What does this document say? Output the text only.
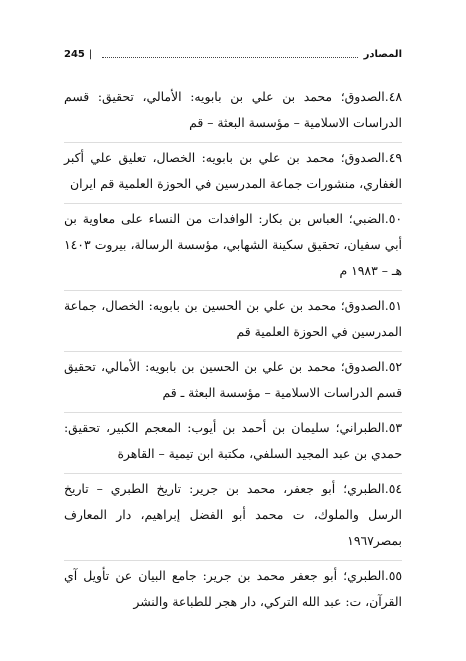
المصادر
|
245
٤٨.الصدوق؛ محمد بن علي بن بابويه: الأمالي، تحقيق: قسم الدراسات الاسلامية – مؤسسة البعثة – قم
٤٩.الصدوق؛ محمد بن علي بن بابويه: الخصال، تعليق علي أكبر الغفاري، منشورات جماعة المدرسين في الحوزة العلمية قم ايران
٥٠.الضبي؛ العباس بن بكار: الوافدات من النساء على معاوية بن أبي سفيان، تحقيق سكينة الشهابي، مؤسسة الرسالة، بيروت ١٤٠٣ هـ – ١٩٨٣ م
٥١.الصدوق؛ محمد بن علي بن الحسين بن بابويه: الخصال، جماعة المدرسين في الحوزة العلمية قم
٥٢.الصدوق؛ محمد بن علي بن الحسين بن بابويه: الأمالي، تحقيق قسم الدراسات الاسلامية – مؤسسة البعثة ـ قم
٥٣.الطبراني؛ سليمان بن أحمد بن أيوب: المعجم الكبير، تحقيق: حمدي بن عبد المجيد السلفي، مكتبة ابن تيمية – القاهرة
٥٤.الطبري؛ أبو جعفر، محمد بن جرير: تاريخ الطبري – تاريخ الرسل والملوك، ت محمد أبو الفضل إبراهيم، دار المعارف بمصر١٩٦٧
٥٥.الطبري؛ أبو جعفر محمد بن جرير: جامع البيان عن تأويل آي القرآن، ت: عبد الله التركي، دار هجر للطباعة والنشر
